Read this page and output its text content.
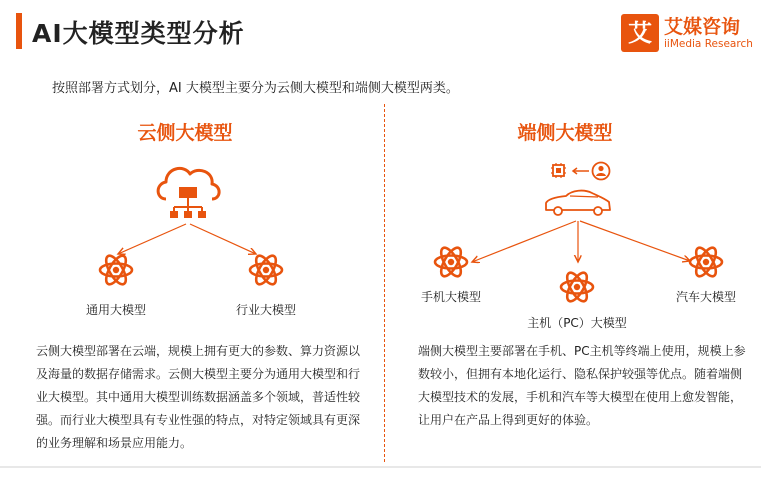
AI大模型类型分析	艾 艾媒咨询
iiMedia Research
按照部署方式划分，AI 大模型主要分为云侧大模型和端侧大模型两类。
云侧大模型	端侧大模型
通用大模型	行业大模型
手机大模型
主机（PC）大模型
汽车大模型
云侧大模型部署在云端，规模上拥有更大的参数、算力资源以及海量的数据存储需求。云侧大模型主要分为通用大模型和行业大模型。其中通用大模型训练数据涵盖多个领域，普适性较强。而行业大模型具有专业性强的特点，对特定领域具有更深的业务理解和场景应用能力。
端侧大模型主要部署在手机、PC主机等终端上使用，规模上参数较小，但拥有本地化运行、隐私保护较强等优点。随着端侧大模型技术的发展，手机和汽车等大模型在使用上愈发智能，让用户在产品上得到更好的体验。
